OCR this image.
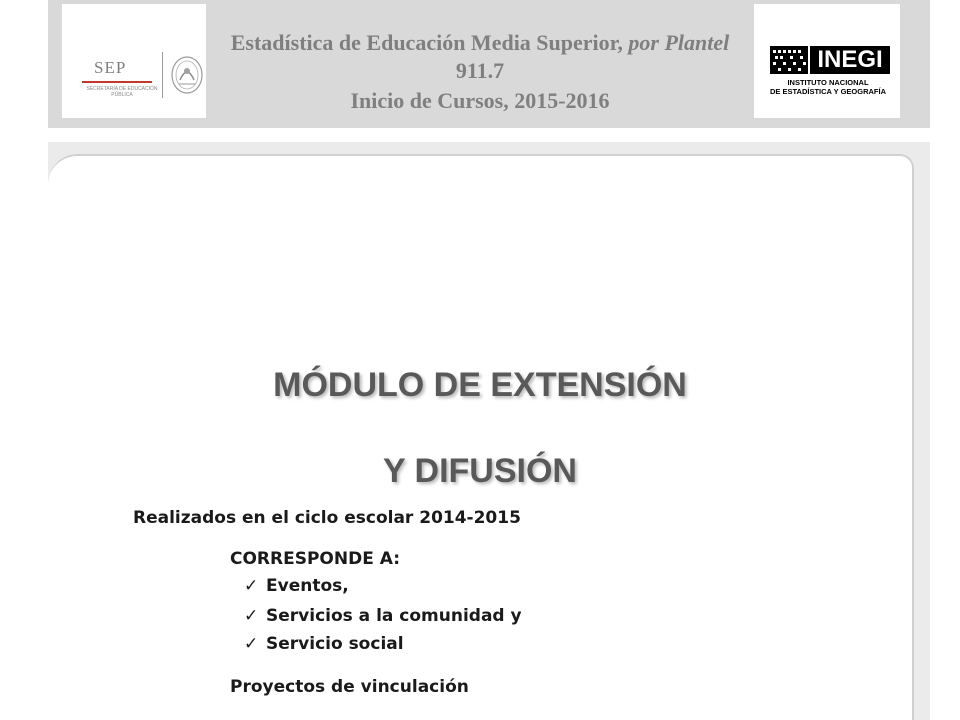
SEP
SECRETARÍA DE EDUCACIÓN PÚBLICA
Estadística de Educación Media Superior, por Plantel
911.7
Inicio de Cursos, 2015-2016
INEGI
INSTITUTO NACIONAL
DE ESTADÍSTICA Y GEOGRAFÍA
MÓDULO DE EXTENSIÓN
Y DIFUSIÓN
Realizados en el ciclo escolar 2014-2015
CORRESPONDE A:
✓ Eventos,
✓ Servicios a la comunidad y
✓ Servicio social
Proyectos de vinculación
